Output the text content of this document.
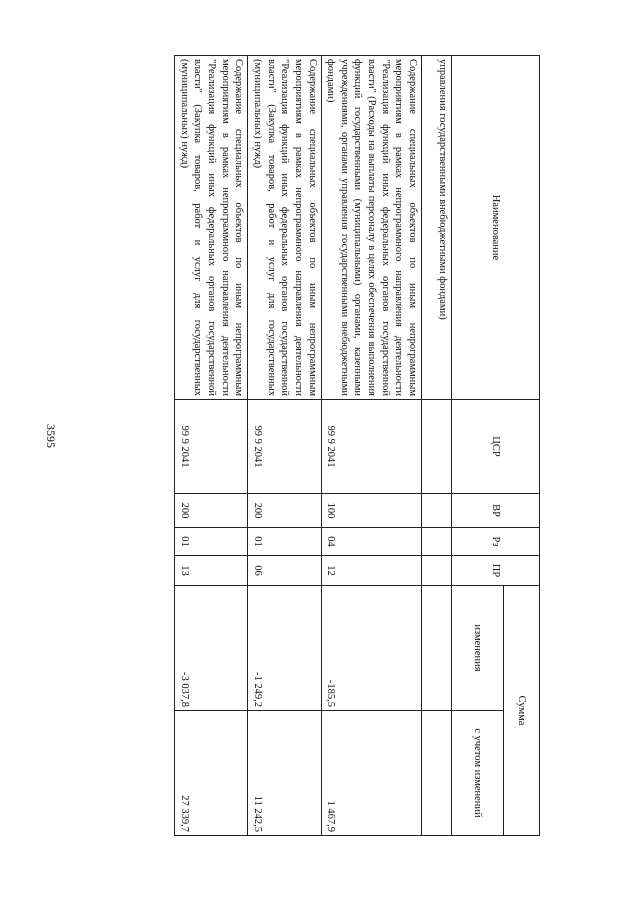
3595
Наименование	ЦСР	ВР	Рз	ПР	Сумма	
					изменения	с учетом изменений
управления государственными внебюджетными фондами)						
Содержание специальных объектов по иным непрограммным мероприятиям в рамках непрограммного направления деятельности "Реализация функций иных федеральных органов государственной власти" (Расходы на выплаты персоналу в целях обеспечения выполнения функций государственными (муниципальными) органами, казенными учреждениями, органами управления государственными внебюджетными фондами)	99 9 2041	100	04	12	-185,5	1 467,9
Содержание специальных объектов по иным непрограммным мероприятиям в рамках непрограммного направления деятельности "Реализация функций иных федеральных органов государственной власти" (Закупка товаров, работ и услуг для государственных (муниципальных) нужд)	99 9 2041	200	01	06	-1 249,2	11 242,5
Содержание специальных объектов по иным непрограммным мероприятиям в рамках непрограммного направления деятельности "Реализация функций иных федеральных органов государственной власти" (Закупка товаров, работ и услуг для государственных (муниципальных) нужд)	99 9 2041	200	01	13	-3 037,8	27 339,7
